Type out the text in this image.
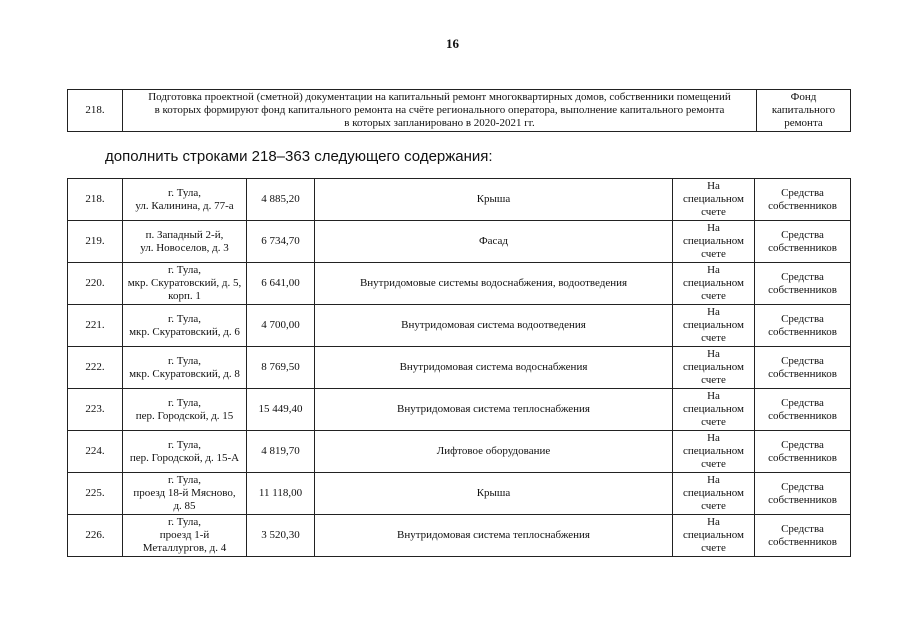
16
218.	Подготовка проектной (сметной) документации на капитальный ремонт многоквартирных домов, собственники помещений
в которых формируют фонд капитального ремонта на счёте регионального оператора, выполнение капитального ремонта
в которых запланировано в 2020-2021 гг.	Фонд
капитального
ремонта
дополнить строками 218–363 следующего содержания:
218.	г. Тула,
ул. Калинина, д. 77-а	4 885,20	Крыша	На
специальном
счете	Средства
собственников
219.	п. Западный 2-й,
ул. Новоселов, д. 3	6 734,70	Фасад	На
специальном
счете	Средства
собственников
220.	г. Тула,
мкр. Скуратовский, д. 5,
корп. 1	6 641,00	Внутридомовые системы водоснабжения, водоотведения	На
специальном
счете	Средства
собственников
221.	г. Тула,
мкр. Скуратовский, д. 6	4 700,00	Внутридомовая система водоотведения	На
специальном
счете	Средства
собственников
222.	г. Тула,
мкр. Скуратовский, д. 8	8 769,50	Внутридомовая система водоснабжения	На
специальном
счете	Средства
собственников
223.	г. Тула,
пер. Городской, д. 15	15 449,40	Внутридомовая система теплоснабжения	На
специальном
счете	Средства
собственников
224.	г. Тула,
пер. Городской, д. 15-А	4 819,70	Лифтовое оборудование	На
специальном
счете	Средства
собственников
225.	г. Тула,
проезд 18-й Мясново,
д. 85	11 118,00	Крыша	На
специальном
счете	Средства
собственников
226.	г. Тула,
проезд 1-й
Металлургов, д. 4	3 520,30	Внутридомовая система теплоснабжения	На
специальном
счете	Средства
собственников
